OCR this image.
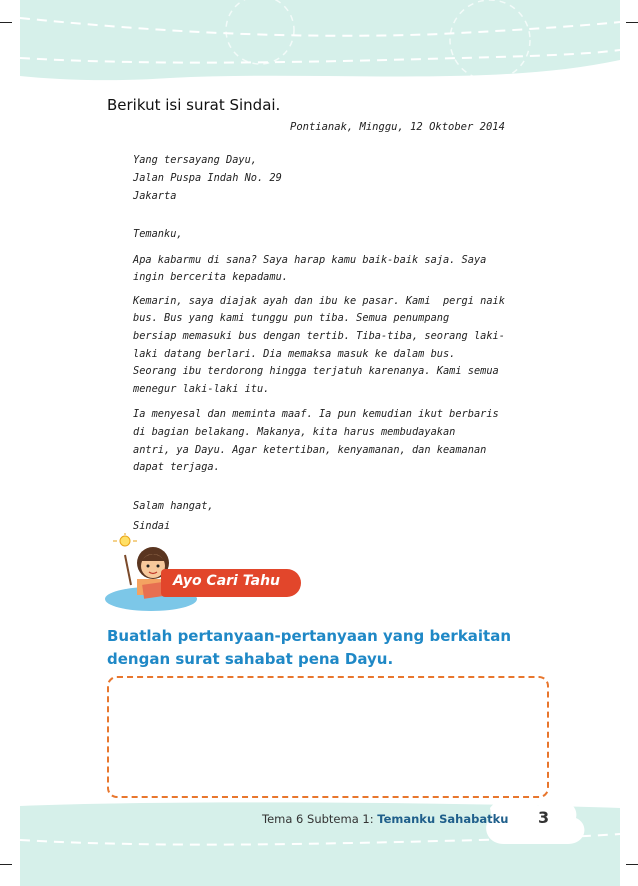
Berikut isi surat Sindai.
Pontianak, Minggu, 12 Oktober 2014
Yang tersayang Dayu,
Jalan Puspa Indah No. 29
Jakarta
Temanku,
Apa kabarmu di sana? Saya harap kamu baik-baik saja. Saya
ingin bercerita kepadamu.
Kemarin, saya diajak ayah dan ibu ke pasar. Kami  pergi naik
bus. Bus yang kami tunggu pun tiba. Semua penumpang
bersiap memasuki bus dengan tertib. Tiba-tiba, seorang laki-
laki datang berlari. Dia memaksa masuk ke dalam bus.
Seorang ibu terdorong hingga terjatuh karenanya. Kami semua
menegur laki-laki itu.
Ia menyesal dan meminta maaf. Ia pun kemudian ikut berbaris
di bagian belakang. Makanya, kita harus membudayakan
antri, ya Dayu. Agar ketertiban, kenyamanan, dan keamanan
dapat terjaga.
Salam hangat,
Sindai
Ayo Cari Tahu
Buatlah pertanyaan-pertanyaan yang berkaitan
dengan surat sahabat pena Dayu.
Tema 6 Subtema 1: Temanku Sahabatku 3
